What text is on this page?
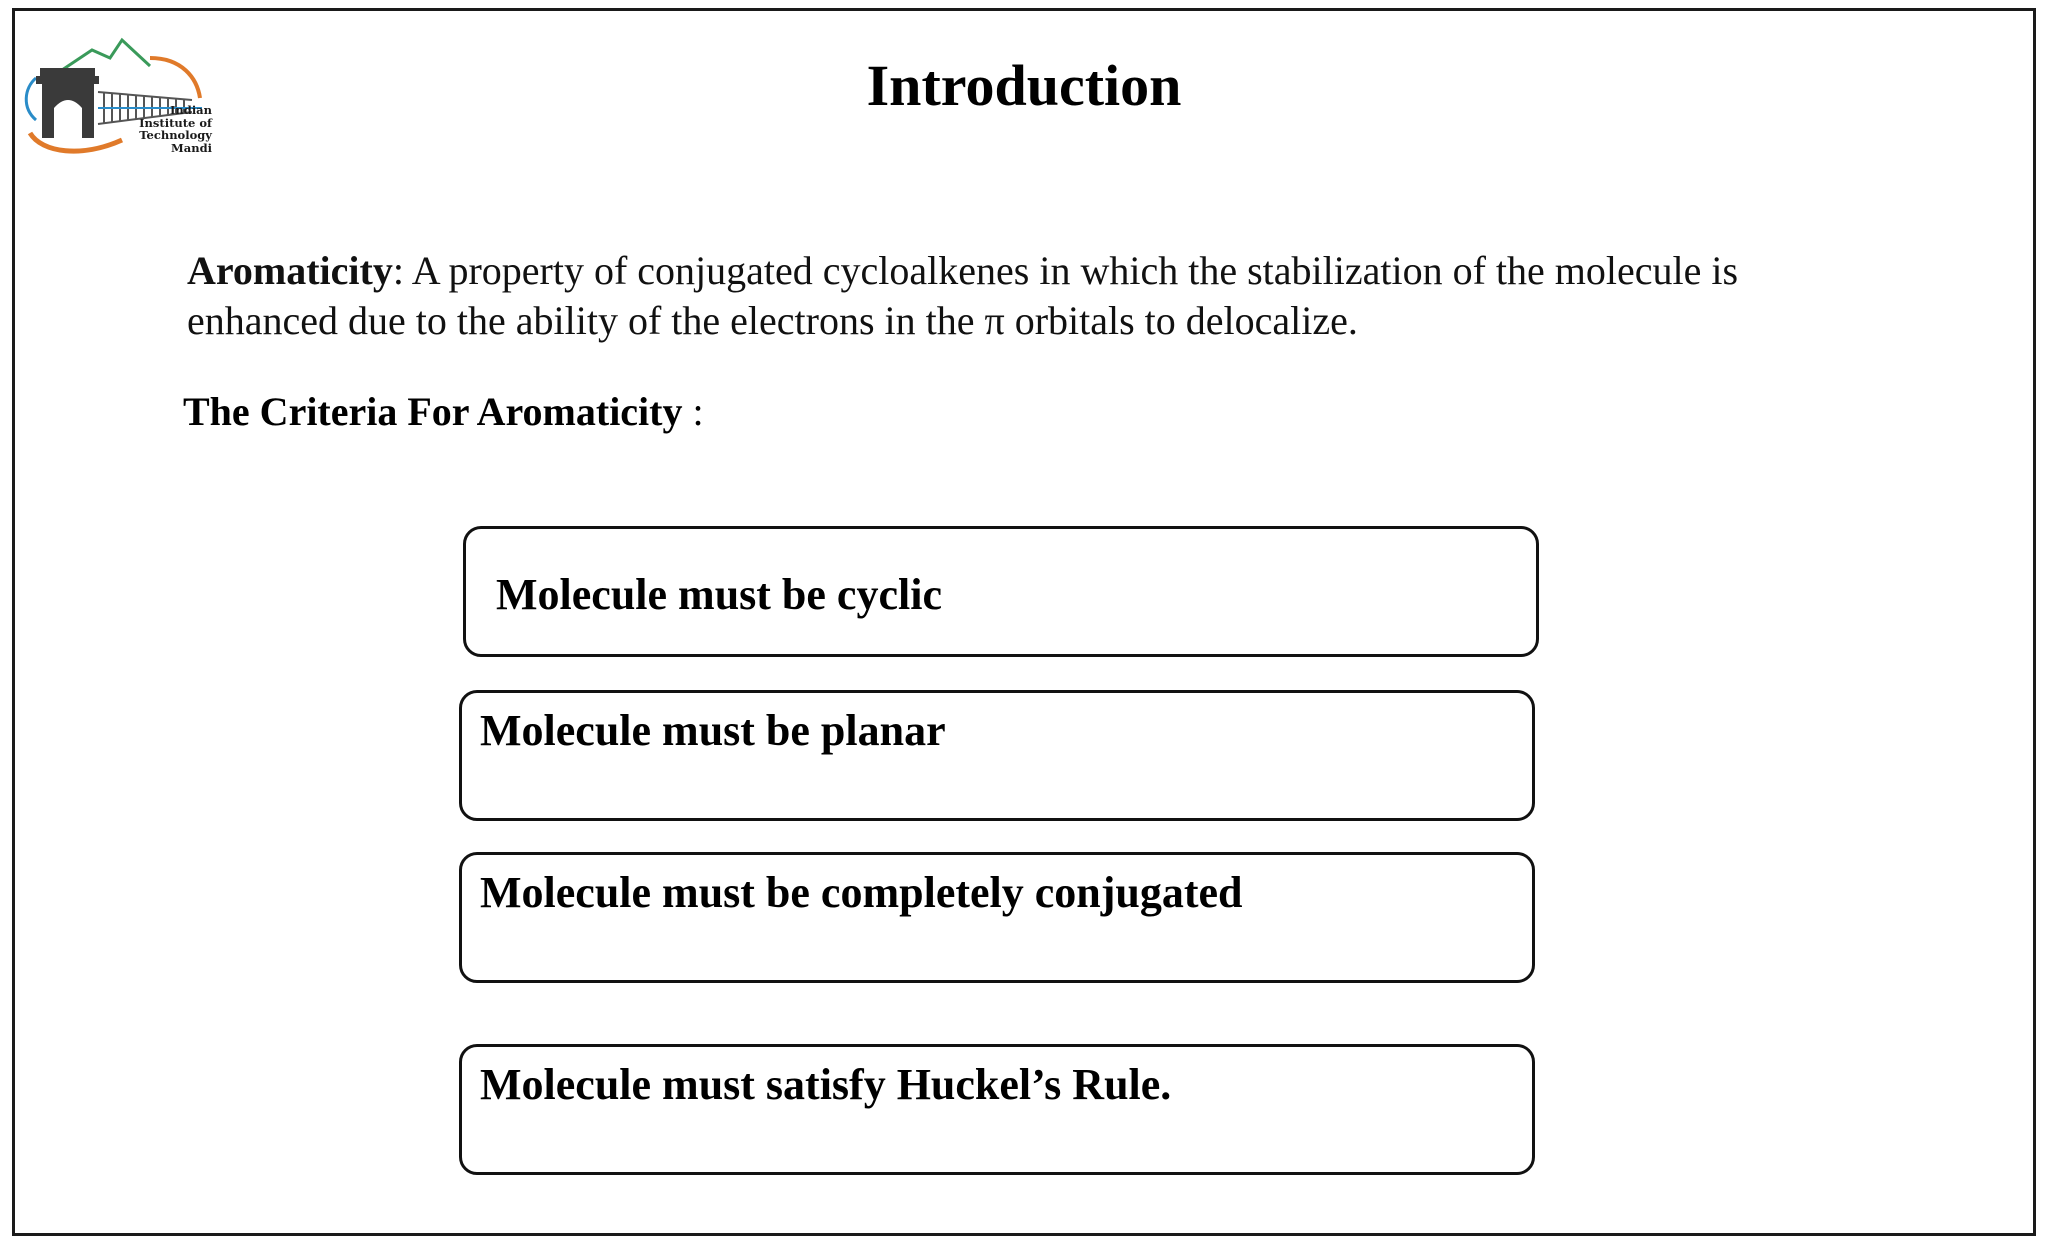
Indian
Institute of
Technology
Mandi
Introduction
Aromaticity: A property of conjugated cycloalkenes in which the stabilization of the molecule is
enhanced due to the ability of the electrons in the π orbitals to delocalize.
The Criteria For Aromaticity :
Molecule must be cyclic
Molecule must be planar
Molecule must be completely conjugated
Molecule must satisfy Huckel’s Rule.
